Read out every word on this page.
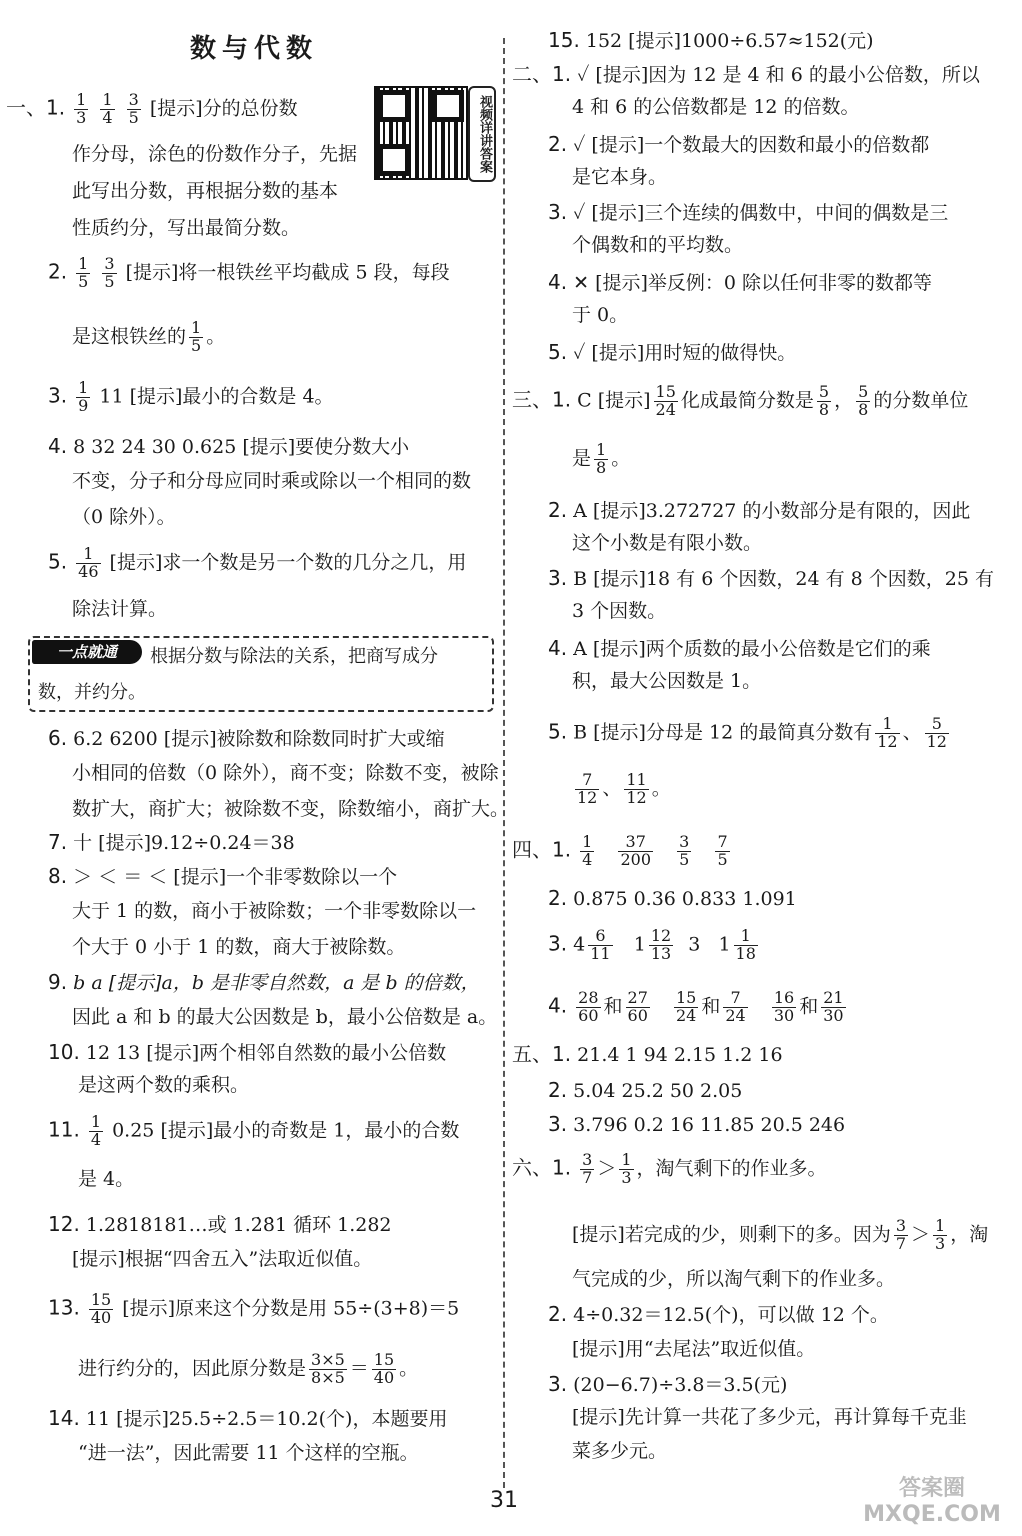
数与代数
视频详讲答案
一、1. $\frac{1}{3}$
$\frac{1}{4}$
$\frac{3}{5}$ [提示]分的总份数
作分母，涂色的份数作分子，先据
此写出分数，再根据分数的基本
性质约分，写出最简分数。
2. $\frac{1}{5}$
$\frac{3}{5}$ [提示]将一根铁丝平均截成 5 段，每段
是这根铁丝的 $\frac{1}{5}$ 。
3. $\frac{1}{9} 11$ [提示]最小的合数是 4。
4. 8 32 24 30 0.625 [提示]要使分数大小
不变，分子和分母应同时乘或除以一个相同的数
（0 除外）。
5. $\frac{1}{46}$ [提示]求一个数是另一个数的几分之几，用
除法计算。
一点就通	根据分数与除法的关系，把商写成分
数，并约分。
6. 6.2 6200 [提示]被除数和除数同时扩大或缩
小相同的倍数（0 除外），商不变；除数不变，被除
数扩大，商扩大；被除数不变，除数缩小，商扩大。
7. 十 [提示]9.12÷0.24＝38
8. ＞ ＜ ＝ ＜ [提示]一个非零数除以一个
大于 1 的数，商小于被除数；一个非零数除以一
个大于 0 小于 1 的数，商大于被除数。
9. b a [提示]a，b 是非零自然数，a 是 b 的倍数，
因此 a 和 b 的最大公因数是 b，最小公倍数是 a。
10. 12 13 [提示]两个相邻自然数的最小公倍数
是这两个数的乘积。
11. $\frac{1}{4} 0.25$ [提示]最小的奇数是 1，最小的合数
是 4。
12. 1.2818181…或 1.2̇8̇1 循环 1.282
[提示]根据“四舍五入”法取近似值。
13. $\frac{15}{40}$ [提示]原来这个分数是用 55÷(3+8)＝5
进行约分的，因此原分数是 $\frac{3\times 5}{8\times 5} = \frac{15}{40}$ 。
14. 11 [提示]25.5÷2.5＝10.2(个)，本题要用
“进一法”，因此需要 11 个这样的空瓶。
15. 152 [提示]1000÷6.57≈152(元)
二、1. ✓ [提示]因为 12 是 4 和 6 的最小公倍数，所以
4 和 6 的公倍数都是 12 的倍数。
2. ✓ [提示]一个数最大的因数和最小的倍数都
是它本身。
3. ✓ [提示]三个连续的偶数中，中间的偶数是三
个偶数和的平均数。
4. ✕ [提示]举反例：0 除以任何非零的数都等
于 0。
5. ✓ [提示]用时短的做得快。
三、1. C [提示] $\frac{15}{24}$ 化成最简分数是 $\frac{5}{8}$ ， $\frac{5}{8}$ 的分数单位
是 $\frac{1}{8}$ 。
2. A [提示]3.272727 的小数部分是有限的，因此
这个小数是有限小数。
3. B [提示]18 有 6 个因数，24 有 8 个因数，25 有
3 个因数。
4. A [提示]两个质数的最小公倍数是它们的乘
积，最大公因数是 1。
5. B [提示]分母是 12 的最简真分数有 $\frac{1}{12}$ 、 $\frac{5}{12}$
$\frac{7}{12}$ 、 $\frac{11}{12}$ 。
四、1. $\frac{1}{4}$
$\frac{37}{200}$
$\frac{3}{5}$
$\frac{7}{5}$
2. 0.875 0.36 0.833 1.091
3. $4 \frac{6}{11} 1 \frac{12}{13} 3$   $1 \frac{1}{18}$
4. $\frac{28}{60}$ 和 $\frac{27}{60}$
$\frac{15}{24}$ 和 $\frac{7}{24}$
$\frac{16}{30}$ 和 $\frac{21}{30}$
五、1. 21.4 1 94 2.15 1.2 16
2. 5.04 25.2 50 2.05
3. 3.796 0.2 16 11.85 20.5 246
六、1. $\frac{3}{7} > \frac{1}{3}$ ，淘气剩下的作业多。
[提示]若完成的少，则剩下的多。因为 $\frac{3}{7} > \frac{1}{3}$ ，淘
气完成的少，所以淘气剩下的作业多。
2. 4÷0.32＝12.5(个)，可以做 12 个。
[提示]用“去尾法”取近似值。
3. (20−6.7)÷3.8＝3.5(元)
[提示]先计算一共花了多少元，再计算每千克韭
菜多少元。
31	答案圈
MXQE.COM
